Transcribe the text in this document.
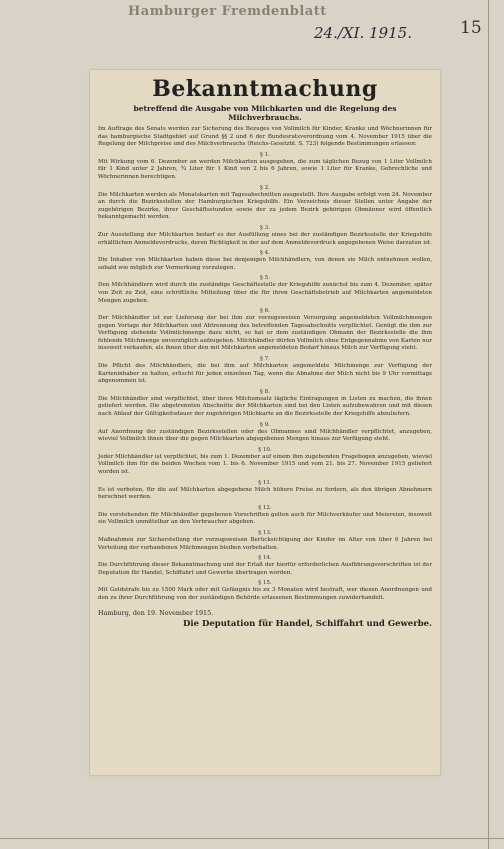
Hamburger Fremdenblatt
24./XI. 1915.	15
Bekanntmachung
betreffend die Ausgabe von Milchkarten und die Regelung des Milchverbrauchs.

Im Auftrage des Senats werden zur Sicherung des Bezuges von Vollmilch für Kinder, Kranke und Wöchnerinnen für das hamburgische Stadtgebiet auf Grund §§ 2 und 6 der Bundesratsverordnung vom 4. November 1915 über die Regelung der Milchpreise und des Milchverbrauchs (Reichs-Gesetzbl. S. 723) folgende Bestimmungen erlassen:

§ 1.

Mit Wirkung vom 6. Dezember an werden Milchkarten ausgegeben, die zum täglichen Bezug von 1 Liter Vollmilch für 1 Kind unter 2 Jahren, ¾ Liter für 1 Kind von 2 bis 6 Jahren, sowie 1 Liter für Kranke, Gebrechliche und Wöchnerinnen berechtigen.

§ 2.

Die Milchkarten werden als Monatskarten mit Tagesabschnitten ausgestellt. Ihre Ausgabe erfolgt vom 24. November an durch die Bezirksstellen der Hamburgischen Kriegshilfe. Ein Verzeichnis dieser Stellen unter Angabe der zugehörigen Bezirke, ihrer Geschäftsstunden sowie der zu jedem Bezirk gehörigen Obmänner wird öffentlich bekanntgemacht werden.

§ 3.

Zur Ausstellung der Milchkarten bedarf es der Ausfüllung eines bei der zuständigen Bezirksstelle der Kriegshilfe erhältlichen Anmeldevordrucks, deren Richtigkeit in der auf dem Anmeldevordruck angegebenen Weise darzutun ist.

§ 4.

Die Inhaber von Milchkarten haben diese bei denjenigen Milchhändlern, von denen sie Milch entnehmen wollen, sobald wie möglich zur Vormerkung vorzulegen.

§ 5.

Den Milchhändlern wird durch die zuständige Geschäftsstelle der Kriegshilfe zunächst bis zum 4. Dezember, später von Zeit zu Zeit, eine schriftliche Mitteilung über die für ihren Geschäftsbetrieb auf Milchkarten angemeldeten Mengen zugehen.

§ 6.

Der Milchhändler ist zur Lieferung der bei ihm zur vorzugsweisen Versorgung angemeldeten Vollmilchmengen gegen Vorlage der Milchkarten und Abtrennung des betreffenden Tagesabschnitts verpflichtet. Genügt die ihm zur Verfügung stehende Vollmilchmenge dazu nicht, so hat er dem zuständigen Obmann der Bezirksstelle die ihm fehlende Milchmenge unverzüglich aufzugeben. Milchhändler dürfen Vollmilch ohne Entgegennahme von Karten nur insoweit verkaufen, als ihnen über den mit Milchkarten angemeldeten Bedarf hinaus Milch zur Verfügung steht.

§ 7.

Die Pflicht des Milchhändlers, die bei ihm auf Milchkarten angemeldete Milchmenge zur Verfügung der Karteninhaber zu halten, erlischt für jeden einzelnen Tag, wenn die Abnahme der Milch nicht bis 9 Uhr vormittags abgenommen ist.

§ 8.

Die Milchhändler sind verpflichtet, über ihren Milchumsatz tägliche Eintragungen in Listen zu machen, die ihnen geliefert werden. Die abgetrennten Abschnitte der Milchkarten sind bei den Listen aufzubewahren und mit diesen nach Ablauf der Gültigkeitsdauer der zugehörigen Milchkarte an die Bezirksstelle der Kriegshilfe abzuliefern.

§ 9.

Auf Anordnung der zuständigen Bezirksstellen oder des Obmannes sind Milchhändler verpflichtet, anzugeben, wieviel Vollmilch ihnen über die gegen Milchkarten abgegebenen Mengen hinaus zur Verfügung steht.

§ 10.

Jeder Milchhändler ist verpflichtet, bis zum 1. Dezember auf einem ihm zugehenden Fragebogen anzugeben, wieviel Vollmilch ihm für die beiden Wochen vom 1. bis 6. November 1915 und vom 21. bis 27. November 1915 geliefert worden ist.

§ 11.

Es ist verboten, für die auf Milchkarten abgegebene Milch höhere Preise zu fordern, als den übrigen Abnehmern berechnet werden.

§ 12.

Die vorstehenden für Milchhändler gegebenen Vorschriften gelten auch für Milchverkäufer und Meiereien, insoweit sie Vollmilch unmittelbar an den Verbraucher abgeben.

§ 13.

Maßnahmen zur Sicherstellung der vorzugsweisen Berücksichtigung der Kinder im Alter von über 6 Jahren bei Verteilung der vorhandenen Milchmengen bleiben vorbehalten.

§ 14.

Die Durchführung dieser Bekanntmachung und der Erlaß der hierfür erforderlichen Ausführungsvorschriften ist der Deputation für Handel, Schiffahrt und Gewerbe übertragen worden.

§ 15.

Mit Geldstrafe bis zu 1500 Mark oder mit Gefängnis bis zu 3 Monaten wird bestraft, wer diesen Anordnungen und den zu ihrer Durchführung von der zuständigen Behörde erlassenen Bestimmungen zuwiderhandelt.

Hamburg, den 19. November 1915.
Die Deputation für Handel, Schiffahrt und Gewerbe.
